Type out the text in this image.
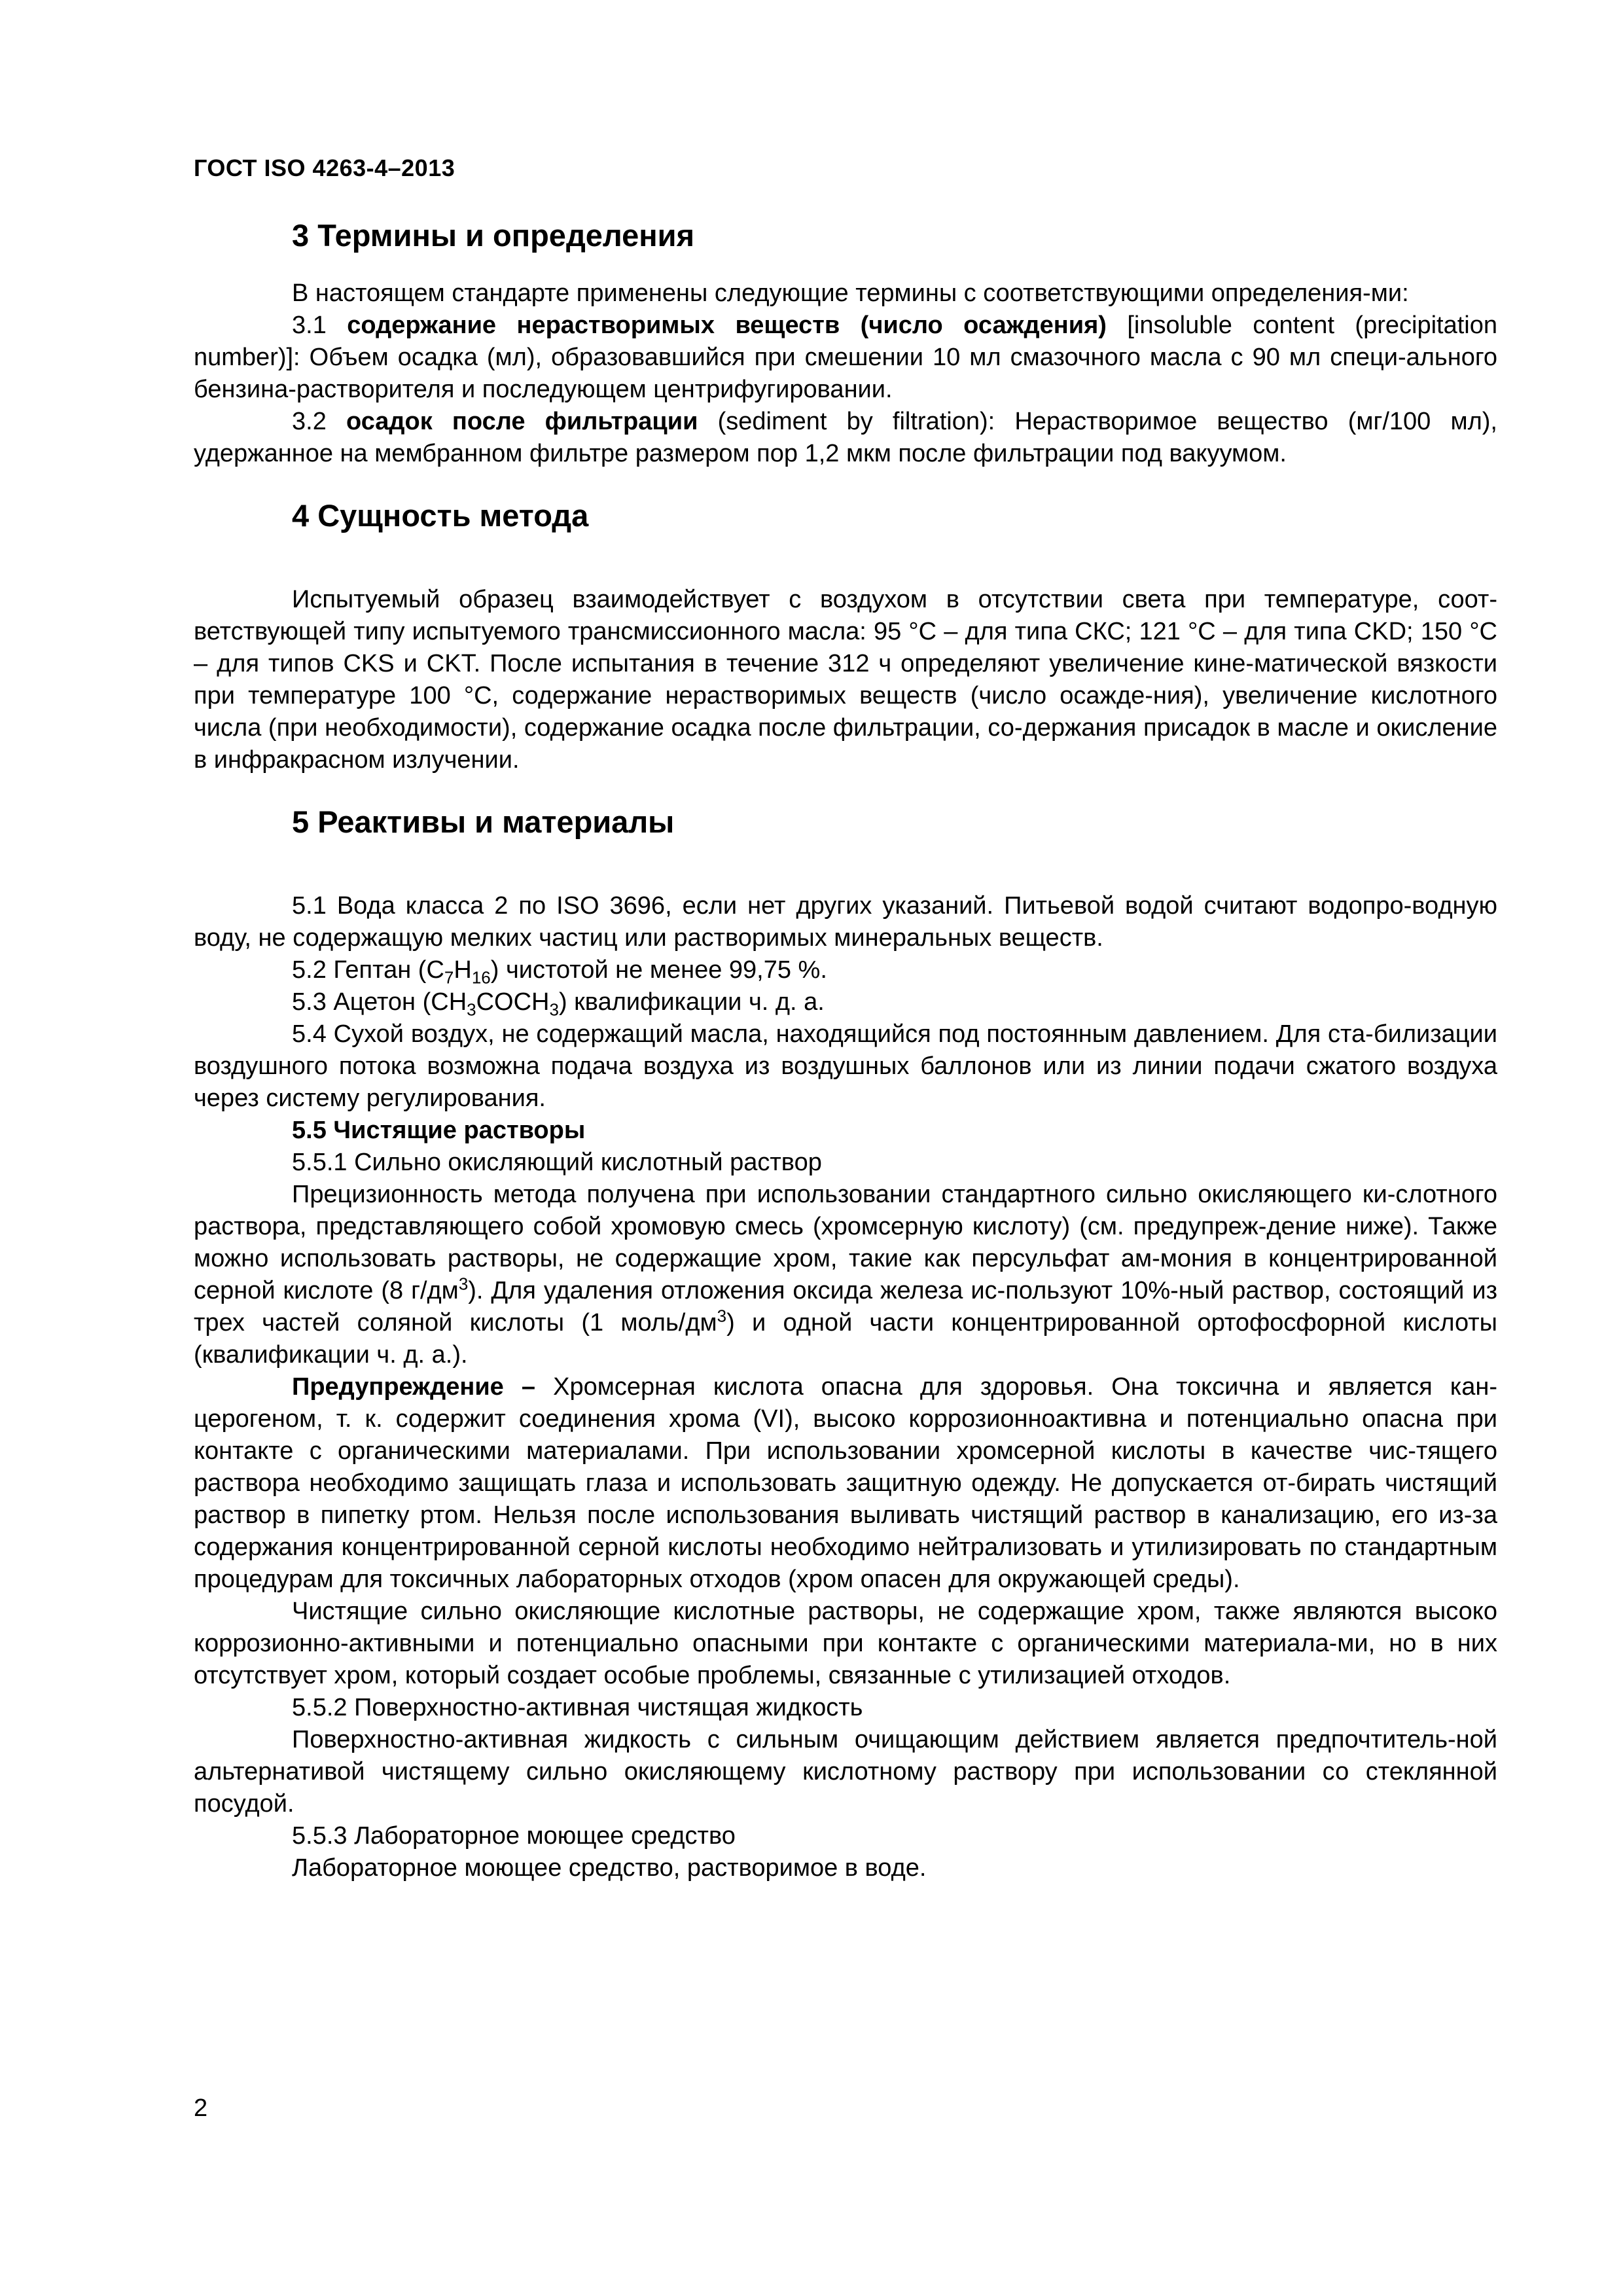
ГОСТ ISO 4263-4–2013
3 Термины и определения

В настоящем стандарте применены следующие термины с соответствующими определения-ми:

3.1 содержание нерастворимых веществ (число осаждения) [insoluble content (precipitation number)]: Объем осадка (мл), образовавшийся при смешении 10 мл смазочного масла с 90 мл специ-ального бензина-растворителя и последующем центрифугировании.

3.2 осадок после фильтрации (sediment by filtration): Нерастворимое вещество (мг/100 мл), удержанное на мембранном фильтре размером пор 1,2 мкм после фильтрации под вакуумом.

4 Сущность метода

Испытуемый образец взаимодействует с воздухом в отсутствии света при температуре, соот-ветствующей типу испытуемого трансмиссионного масла: 95 °С – для типа СКС; 121 °С – для типа СKD; 150 °С – для типов СKS и СKT. После испытания в течение 312 ч определяют увеличение кине-матической вязкости при температуре 100 °С, содержание нерастворимых веществ (число осажде-ния), увеличение кислотного числа (при необходимости), содержание осадка после фильтрации, со-держания присадок в масле и окисление в инфракрасном излучении.

5 Реактивы и материалы

5.1 Вода класса 2 по ISO 3696, если нет других указаний. Питьевой водой считают водопро-водную воду, не содержащую мелких частиц или растворимых минеральных веществ.

5.2 Гептан $(C_7H_{16})$ чистотой не менее 99,75 %.

5.3 Ацетон $(CH_3COCH_3)$ квалификации ч. д. а.

5.4 Сухой воздух, не содержащий масла, находящийся под постоянным давлением. Для ста-билизации воздушного потока возможна подача воздуха из воздушных баллонов или из линии подачи сжатого воздуха через систему регулирования.

5.5 Чистящие растворы

5.5.1 Сильно окисляющий кислотный раствор

Прецизионность метода получена при использовании стандартного сильно окисляющего ки-слотного раствора, представляющего собой хромовую смесь (хромсерную кислоту) (см. предупреж-дение ниже). Также можно использовать растворы, не содержащие хром, такие как персульфат ам-мония в концентрированной серной кислоте (8 $г/дм^3$). Для удаления отложения оксида железа ис-пользуют 10%-ный раствор, состоящий из трех частей соляной кислоты (1 моль/$дм^3$) и одной части концентрированной ортофосфорной кислоты (квалификации ч. д. а.).

Предупреждение – Хромсерная кислота опасна для здоровья. Она токсична и является кан-церогеном, т. к. содержит соединения хрома (VI), высоко коррозионноактивна и потенциально опасна при контакте с органическими материалами. При использовании хромсерной кислоты в качестве чис-тящего раствора необходимо защищать глаза и использовать защитную одежду. Не допускается от-бирать чистящий раствор в пипетку ртом. Нельзя после использования выливать чистящий раствор в канализацию, его из-за содержания концентрированной серной кислоты необходимо нейтрализовать и утилизировать по стандартным процедурам для токсичных лабораторных отходов (хром опасен для окружающей среды).

Чистящие сильно окисляющие кислотные растворы, не содержащие хром, также являются высоко коррозионно-активными и потенциально опасными при контакте с органическими материала-ми, но в них отсутствует хром, который создает особые проблемы, связанные с утилизацией отходов.

5.5.2 Поверхностно-активная чистящая жидкость

Поверхностно-активная жидкость с сильным очищающим действием является предпочтитель-ной альтернативой чистящему сильно окисляющему кислотному раствору при использовании со стеклянной посудой.

5.5.3 Лабораторное моющее средство

Лабораторное моющее средство, растворимое в воде.

2
